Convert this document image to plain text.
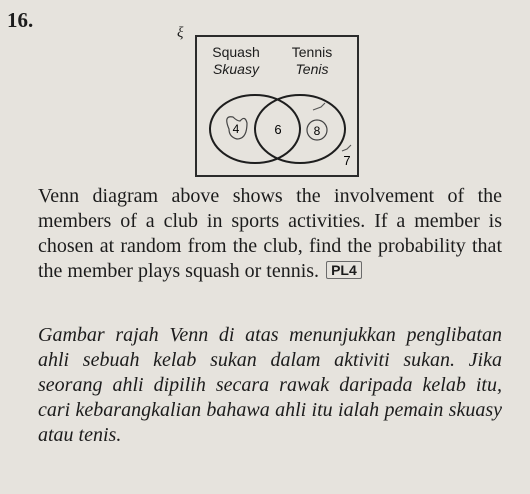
16.
ξ
Squash
Skuasy
Tennis
Tenis
4	6	8
7
Venn diagram above shows the involvement of the members of a club in sports activities. If a member is chosen at random from the club, find the probability that the member plays squash or tennis. PL4
Gambar rajah Venn di atas menunjukkan penglibatan ahli sebuah kelab sukan dalam aktiviti sukan. Jika seorang ahli dipilih secara rawak daripada kelab itu, cari kebarangkalian bahawa ahli itu ialah pemain skuasy atau tenis.
